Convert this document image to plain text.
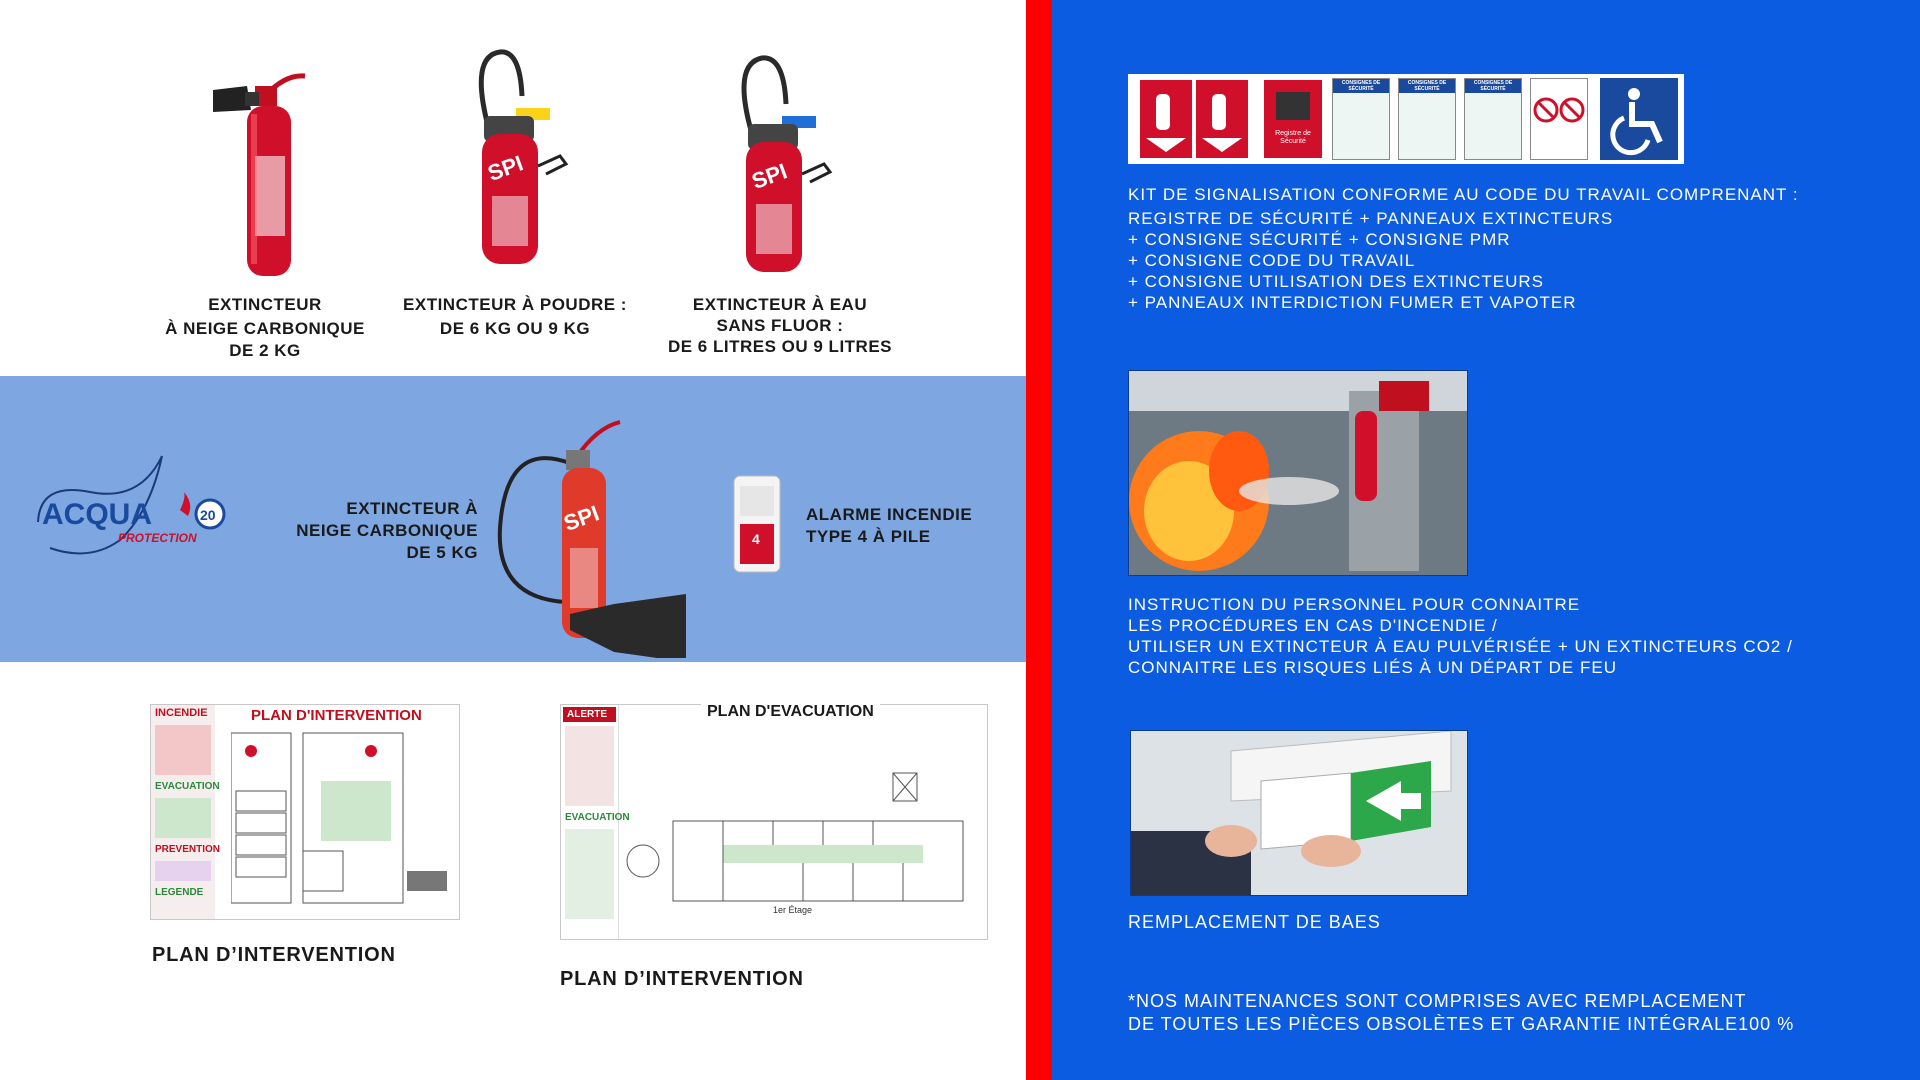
EXTINCTEUR
À NEIGE CARBONIQUE
DE 2 KG
SPI
EXTINCTEUR À POUDRE :
DE 6 KG OU 9 KG
SPI
EXTINCTEUR À EAU
SANS FLUOR :
DE 6 LITRES OU 9 LITRES
ACQUA
PROTECTION
20	EXTINCTEUR À
NEIGE CARBONIQUE
DE 5 KG
SPI
4
ALARME INCENDIE
TYPE 4 À PILE
INCENDIE
EVACUATION
PREVENTION
LEGENDE
PLAN D'INTERVENTION
PLAN D’INTERVENTION
ALERTE
EVACUATION
PLAN D'EVACUATION
1er Étage
PLAN D’INTERVENTION
Registre de Sécurité
CONSIGNES DE SÉCURITÉ
CONSIGNES DE SÉCURITÉ
CONSIGNES DE SÉCURITÉ
INTERDICTION DE FUMER ET VAPOTER
KIT DE SIGNALISATION CONFORME AU CODE DU TRAVAIL COMPRENANT :
REGISTRE DE SÉCURITÉ + PANNEAUX EXTINCTEURS
+ CONSIGNE SÉCURITÉ + CONSIGNE PMR
+ CONSIGNE CODE DU TRAVAIL
+ CONSIGNE UTILISATION DES EXTINCTEURS
+ PANNEAUX INTERDICTION FUMER ET VAPOTER
INSTRUCTION DU PERSONNEL POUR CONNAITRE
LES PROCÉDURES EN CAS D'INCENDIE /
UTILISER UN EXTINCTEUR À EAU PULVÉRISÉE + UN EXTINCTEURS CO2 /
CONNAITRE LES RISQUES LIÉS À UN DÉPART DE FEU
REMPLACEMENT DE BAES
*NOS MAINTENANCES SONT COMPRISES AVEC REMPLACEMENT
DE TOUTES LES PIÈCES OBSOLÈTES ET GARANTIE INTÉGRALE100 %
